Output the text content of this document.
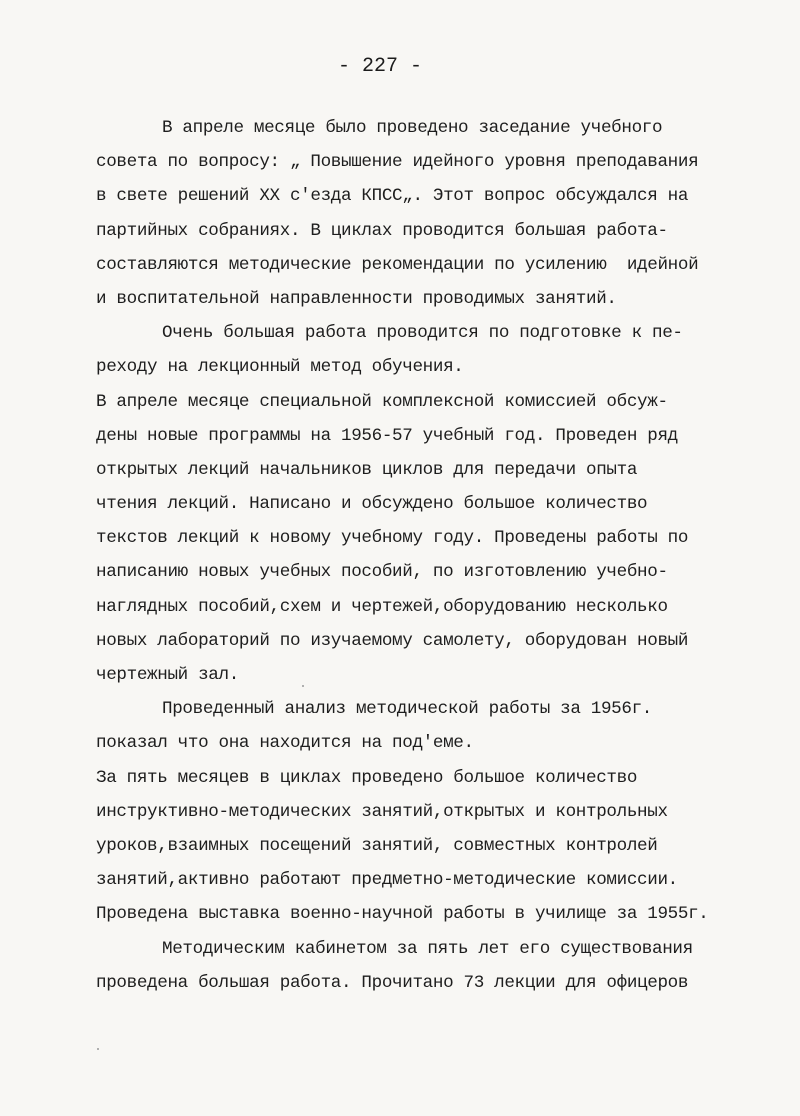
- 227 -
В апреле месяце было проведено заседание учебного
совета по вопросу: „ Повышение идейного уровня преподавания
в свете решений XX с'езда КПСС„. Этот вопрос обсуждался на
партийных собраниях. В циклах проводится большая работа-
составляются методические рекомендации по усилению  идейной
и воспитательной направленности проводимых занятий.
Очень большая работа проводится по подготовке к пе-
реходу на лекционный метод обучения.
В апреле месяце специальной комплексной комиссией обсуж-
дены новые программы на 1956-57 учебный год. Проведен ряд
открытых лекций начальников циклов для передачи опыта
чтения лекций. Написано и обсуждено большое количество
текстов лекций к новому учебному году. Проведены работы по
написанию новых учебных пособий, по изготовлению учебно-
наглядных пособий,схем и чертежей,оборудованию несколько
новых лабораторий по изучаемому самолету, оборудован новый
чертежный зал.
Проведенный анализ методической работы за 1956г.
показал что она находится на под'еме.
За пять месяцев в циклах проведено большое количество
инструктивно-методических занятий,открытых и контрольных
уроков,взаимных посещений занятий, совместных контролей
занятий,активно работают предметно-методические комиссии.
Проведена выставка военно-научной работы в училище за 1955г.
Методическим кабинетом за пять лет его существования
проведена большая работа. Прочитано 73 лекции для офицеров
